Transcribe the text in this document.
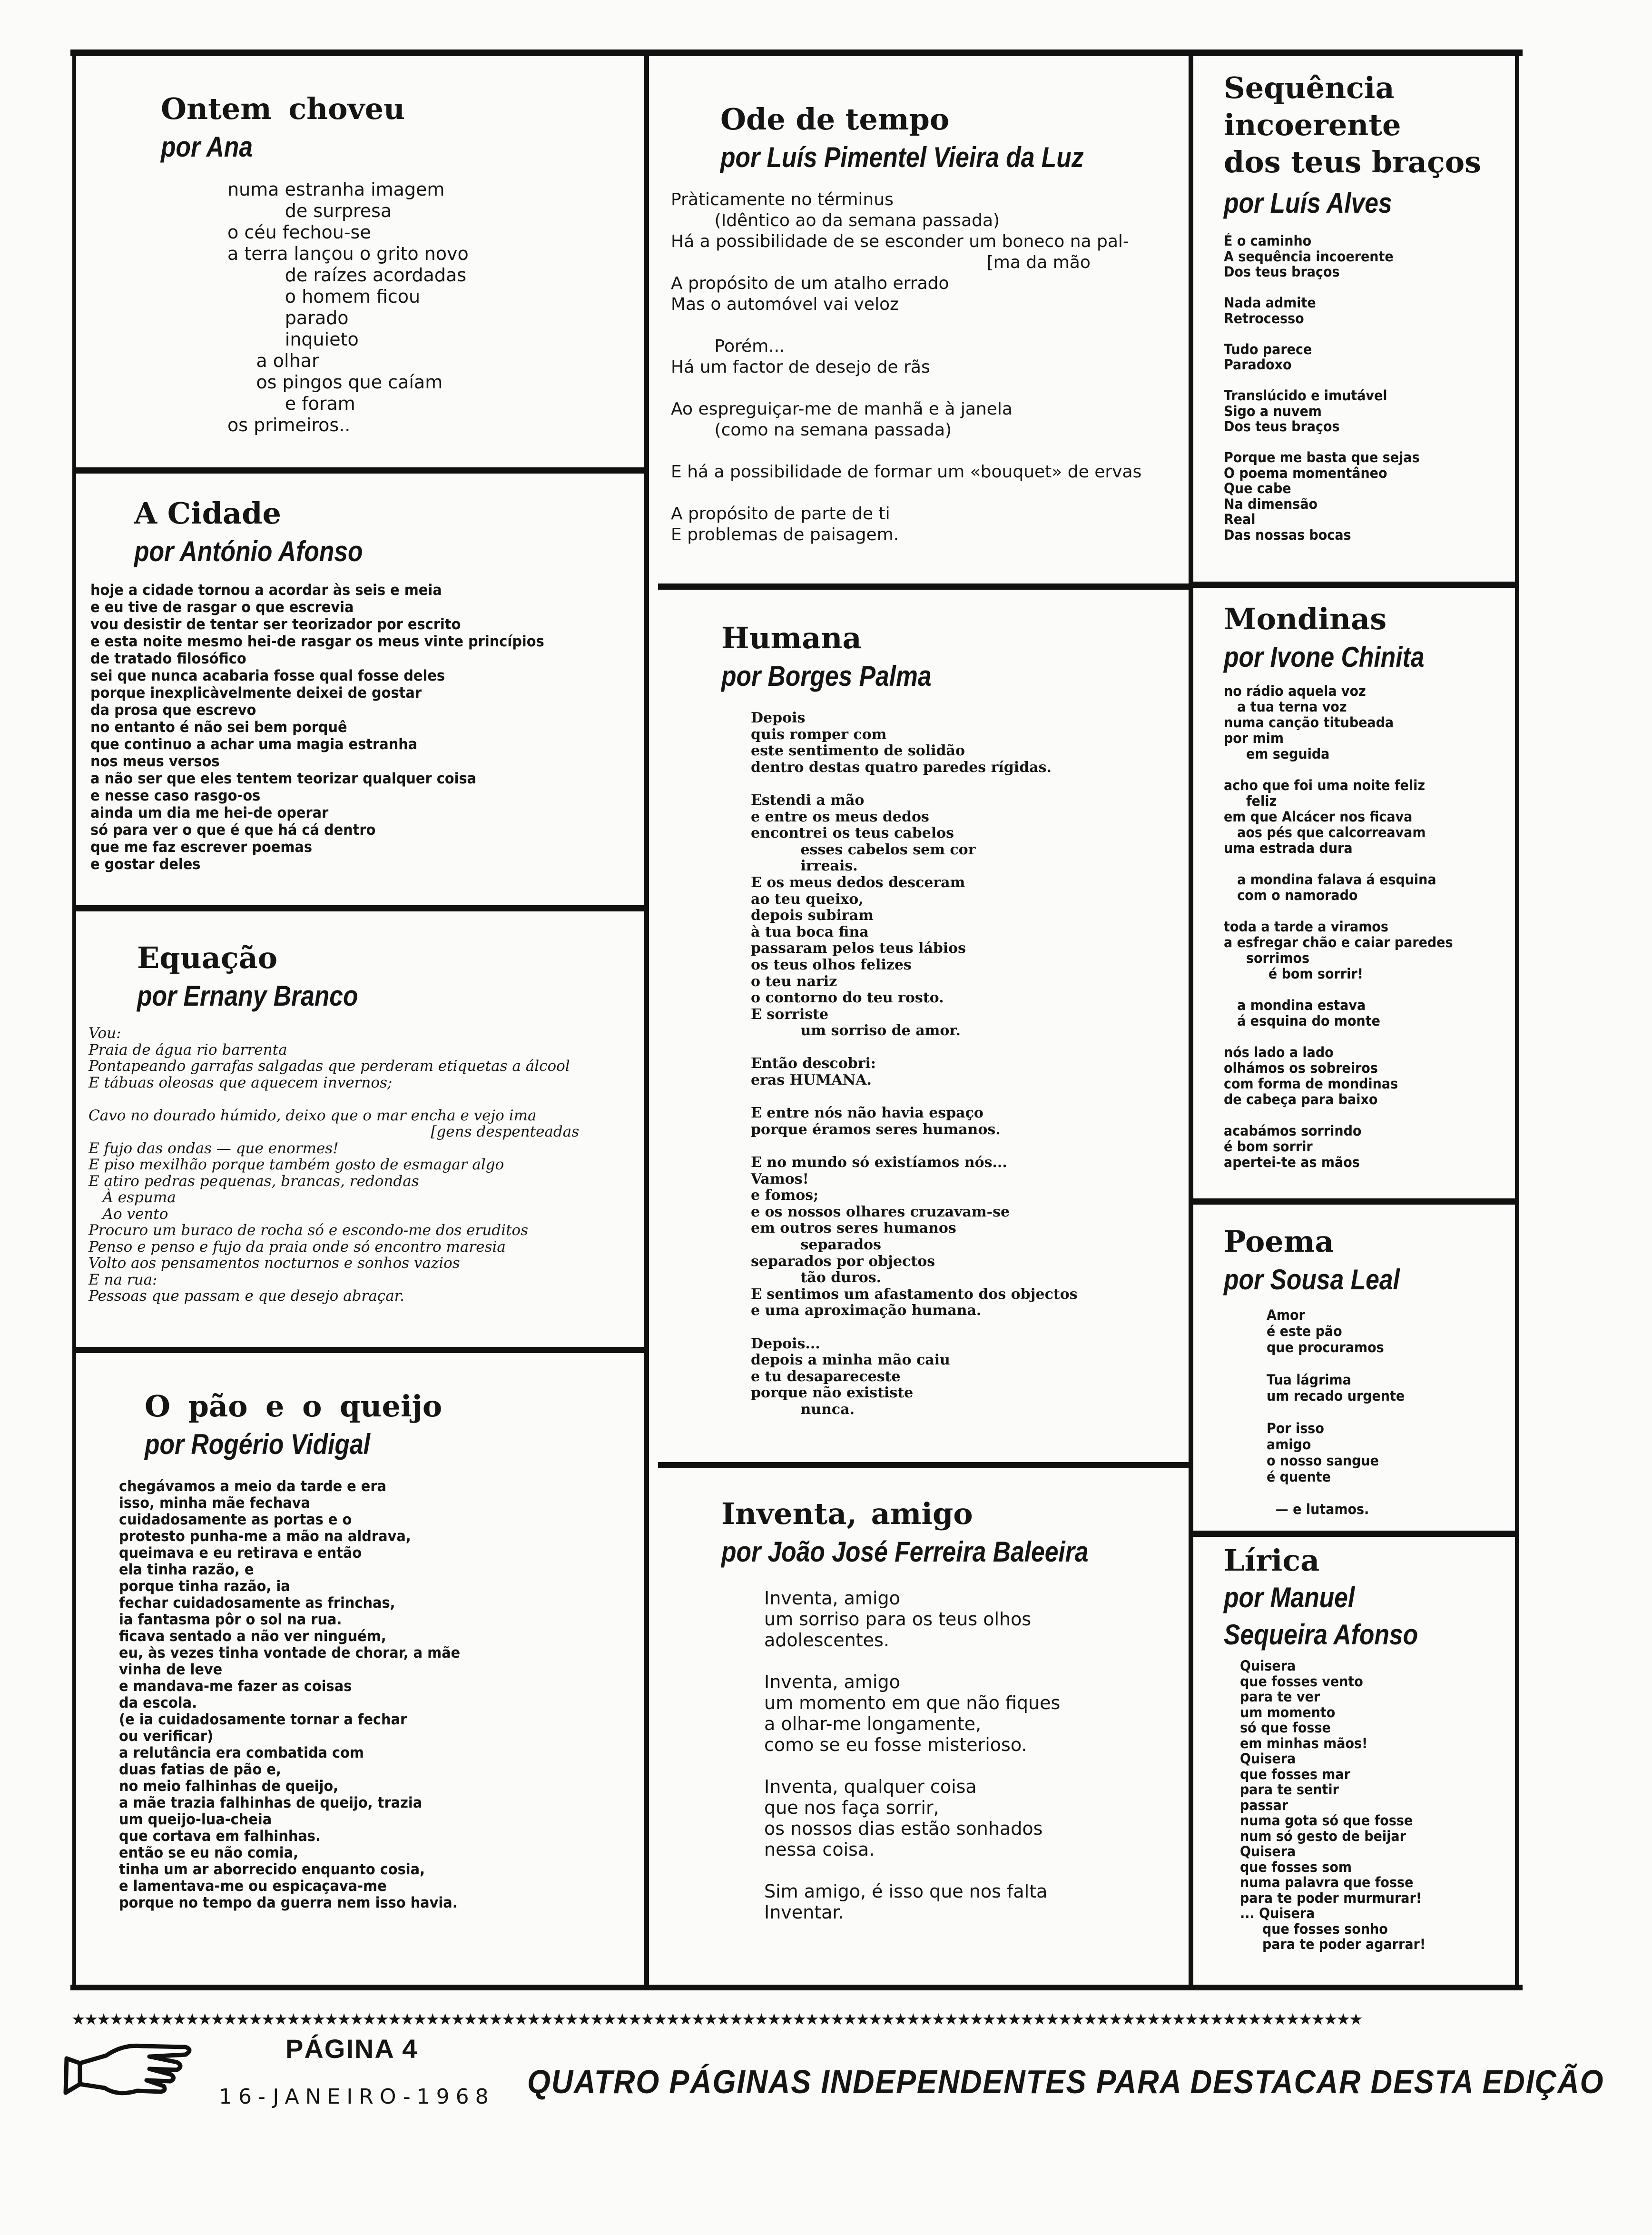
Ontem choveu
por Ana
numa estranha imagem
de surpresa
o céu fechou-se
a terra lançou o grito novo
de raízes acordadas
o homem ficou
parado
inquieto
a olhar
os pingos que caíam
e foram
os primeiros..
A Cidade
por António Afonso
hoje a cidade tornou a acordar às seis e meia
e eu tive de rasgar o que escrevia
vou desistir de tentar ser teorizador por escrito
e esta noite mesmo hei-de rasgar os meus vinte princípios
de tratado filosófico
sei que nunca acabaria fosse qual fosse deles
porque inexplicàvelmente deixei de gostar
da prosa que escrevo
no entanto é não sei bem porquê
que continuo a achar uma magia estranha
nos meus versos
a não ser que eles tentem teorizar qualquer coisa
e nesse caso rasgo-os
ainda um dia me hei-de operar
só para ver o que é que há cá dentro
que me faz escrever poemas
e gostar deles
Equação
por Ernany Branco
Vou:
Praia de água rio barrenta
Pontapeando garrafas salgadas que perderam etiquetas a álcool
E tábuas oleosas que aquecem invernos;

Cavo no dourado húmido, deixo que o mar encha e vejo ima
[gens despenteadas
E fujo das ondas — que enormes!
E piso mexilhão porque também gosto de esmagar algo
E atiro pedras pequenas, brancas, redondas
À espuma
Ao vento
Procuro um buraco de rocha só e escondo-me dos eruditos
Penso e penso e fujo da praia onde só encontro maresia
Volto aos pensamentos nocturnos e sonhos vazios
E na rua:
Pessoas que passam e que desejo abraçar.
O pão e o queijo
por Rogério Vidigal
chegávamos a meio da tarde e era
isso, minha mãe fechava
cuidadosamente as portas e o
protesto punha-me a mão na aldrava,
queimava e eu retirava e então
ela tinha razão, e
porque tinha razão, ia
fechar cuidadosamente as frinchas,
ia fantasma pôr o sol na rua.
ficava sentado a não ver ninguém,
eu, às vezes tinha vontade de chorar, a mãe
vinha de leve
e mandava-me fazer as coisas
da escola.
(e ia cuidadosamente tornar a fechar
ou verificar)
a relutância era combatida com
duas fatias de pão e,
no meio falhinhas de queijo,
a mãe trazia falhinhas de queijo, trazia
um queijo-lua-cheia
que cortava em falhinhas.
então se eu não comia,
tinha um ar aborrecido enquanto cosia,
e lamentava-me ou espicaçava-me
porque no tempo da guerra nem isso havia.
Ode de tempo
por Luís Pimentel Vieira da Luz
Pràticamente no términus
(Idêntico ao da semana passada)
Há a possibilidade de se esconder um boneco na pal-
[ma da mão
A propósito de um atalho errado
Mas o automóvel vai veloz

Porém...
Há um factor de desejo de rãs

Ao espreguiçar-me de manhã e à janela
(como na semana passada)

E há a possibilidade de formar um «bouquet» de ervas

A propósito de parte de ti
E problemas de paisagem.
Humana
por Borges Palma
Depois
quis romper com
este sentimento de solidão
dentro destas quatro paredes rígidas.

Estendi a mão
e entre os meus dedos
encontrei os teus cabelos
esses cabelos sem cor
irreais.
E os meus dedos desceram
ao teu queixo,
depois subiram
à tua boca fina
passaram pelos teus lábios
os teus olhos felizes
o teu nariz
o contorno do teu rosto.
E sorriste
um sorriso de amor.

Então descobri:
eras HUMANA.

E entre nós não havia espaço
porque éramos seres humanos.

E no mundo só existíamos nós...
Vamos!
e fomos;
e os nossos olhares cruzavam-se
em outros seres humanos
separados
separados por objectos
tão duros.
E sentimos um afastamento dos objectos
e uma aproximação humana.

Depois...
depois a minha mão caiu
e tu desapareceste
porque não exististe
nunca.
Inventa, amigo
por João José Ferreira Baleeira
Inventa, amigo
um sorriso para os teus olhos
adolescentes.

Inventa, amigo
um momento em que não fiques
a olhar-me longamente,
como se eu fosse misterioso.

Inventa, qualquer coisa
que nos faça sorrir,
os nossos dias estão sonhados
nessa coisa.

Sim amigo, é isso que nos falta
Inventar.
Sequência
incoerente
dos teus braços
por Luís Alves
É o caminho
A sequência incoerente
Dos teus braços

Nada admite
Retrocesso

Tudo parece
Paradoxo

Translúcido e imutável
Sigo a nuvem
Dos teus braços

Porque me basta que sejas
O poema momentâneo
Que cabe
Na dimensão
Real
Das nossas bocas
Mondinas
por Ivone Chinita
no rádio aquela voz
a tua terna voz
numa canção titubeada
por mim
em seguida

acho que foi uma noite feliz
feliz
em que Alcácer nos ficava
aos pés que calcorreavam
uma estrada dura

a mondina falava á esquina
com o namorado

toda a tarde a viramos
a esfregar chão e caiar paredes
sorrimos
é bom sorrir!

a mondina estava
á esquina do monte

nós lado a lado
olhámos os sobreiros
com forma de mondinas
de cabeça para baixo

acabámos sorrindo
é bom sorrir
apertei-te as mãos
Poema
por Sousa Leal
Amor
é este pão
que procuramos

Tua lágrima
um recado urgente

Por isso
amigo
o nosso sangue
é quente

— e lutamos.
Lírica
por Manuel
Sequeira Afonso
Quisera
que fosses vento
para te ver
um momento
só que fosse
em minhas mãos!
Quisera
que fosses mar
para te sentir
passar
numa gota só que fosse
num só gesto de beijar
Quisera
que fosses som
numa palavra que fosse
para te poder murmurar!
... Quisera
que fosses sonho
para te poder agarrar!
★★★★★★★★★★★★★★★★★★★★★★★★★★★★★★★★★★★★★★★★★★★★★★★★★★★★★★★★★★★★★★★★★★★★★★★★★★★★★★★★★★★★★★★★★★★★★★★★★★★★★★
PÁGINA 4
16-JANEIRO-1968 QUATRO PÁGINAS INDEPENDENTES PARA DESTACAR DESTA EDIÇÃO
